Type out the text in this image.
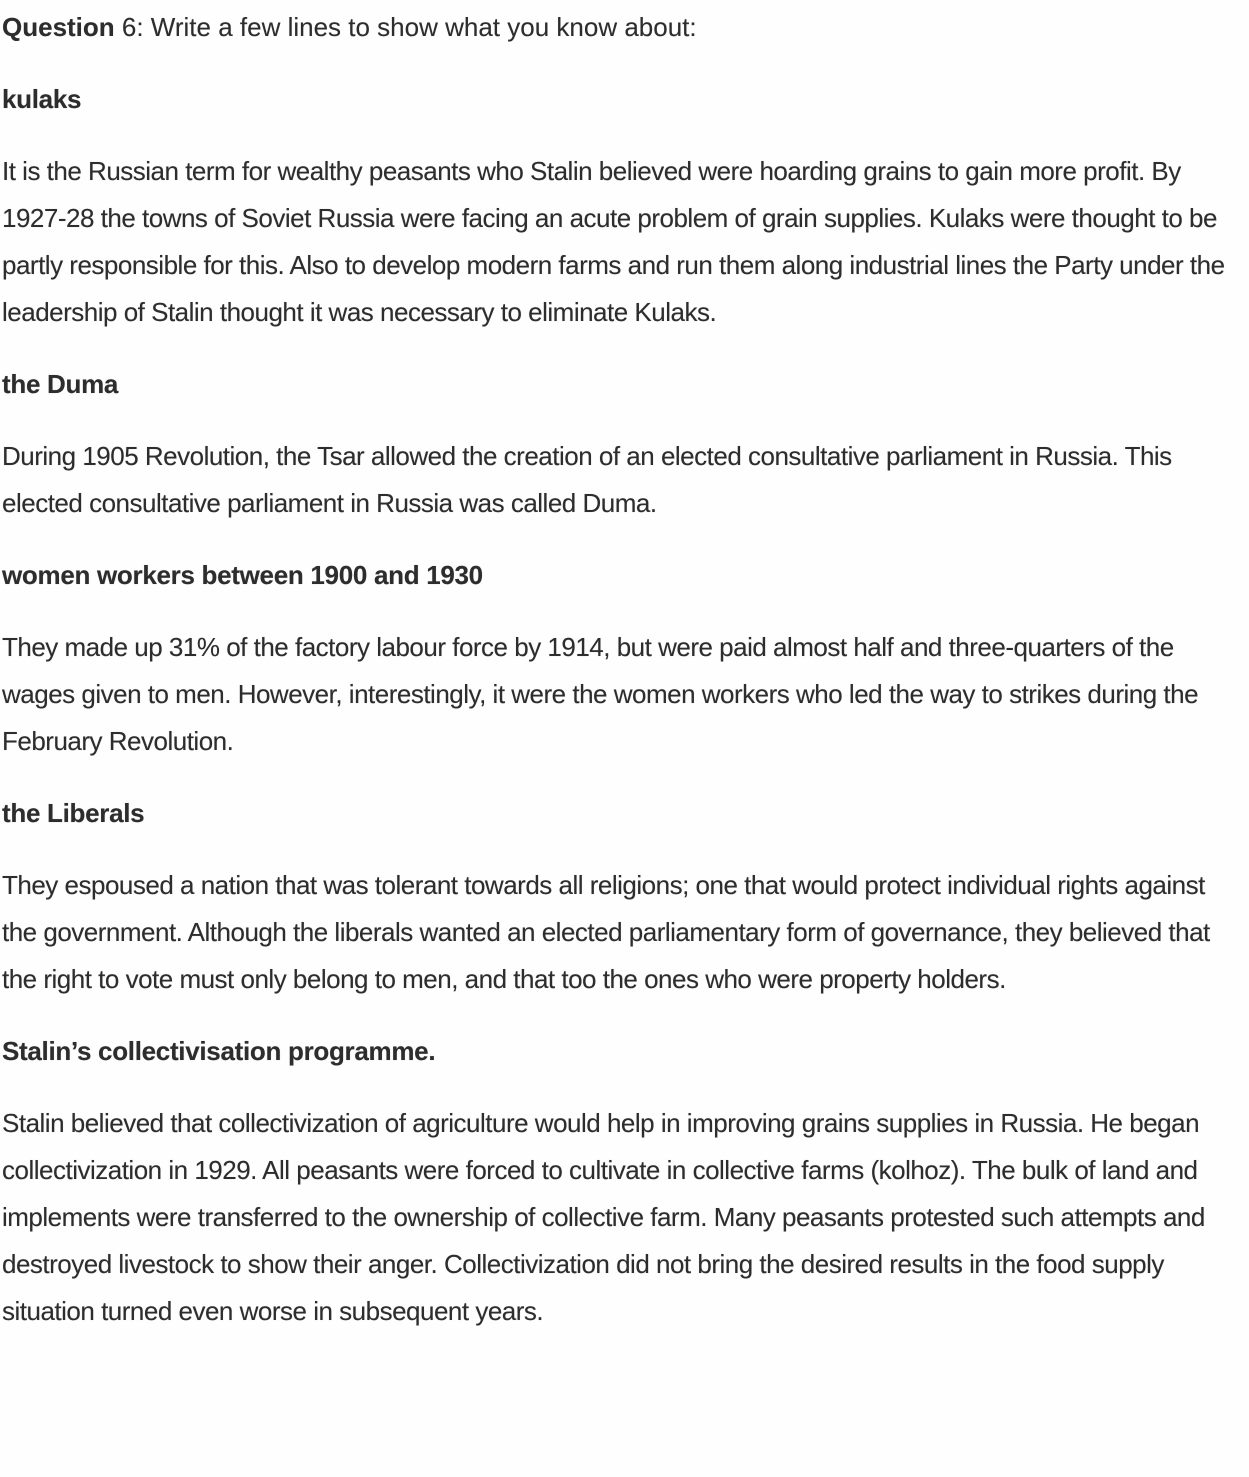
Question 6: Write a few lines to show what you know about:

kulaks

It is the Russian term for wealthy peasants who Stalin believed were hoarding grains to gain more profit. By 1927-28 the towns of Soviet Russia were facing an acute problem of grain supplies. Kulaks were thought to be partly responsible for this. Also to develop modern farms and run them along industrial lines the Party under the leadership of Stalin thought it was necessary to eliminate Kulaks.

the Duma

During 1905 Revolution, the Tsar allowed the creation of an elected consultative parliament in Russia. This elected consultative parliament in Russia was called Duma.

women workers between 1900 and 1930

They made up 31% of the factory labour force by 1914, but were paid almost half and three-quarters of the wages given to men. However, interestingly, it were the women workers who led the way to strikes during the February Revolution.

the Liberals

They espoused a nation that was tolerant towards all religions; one that would protect individual rights against the government. Although the liberals wanted an elected parliamentary form of governance, they believed that the right to vote must only belong to men, and that too the ones who were property holders.

Stalin’s collectivisation programme.

Stalin believed that collectivization of agriculture would help in improving grains supplies in Russia. He began collectivization in 1929. All peasants were forced to cultivate in collective farms (kolhoz). The bulk of land and implements were transferred to the ownership of collective farm. Many peasants protested such attempts and destroyed livestock to show their anger. Collectivization did not bring the desired results in the food supply situation turned even worse in subsequent years.
